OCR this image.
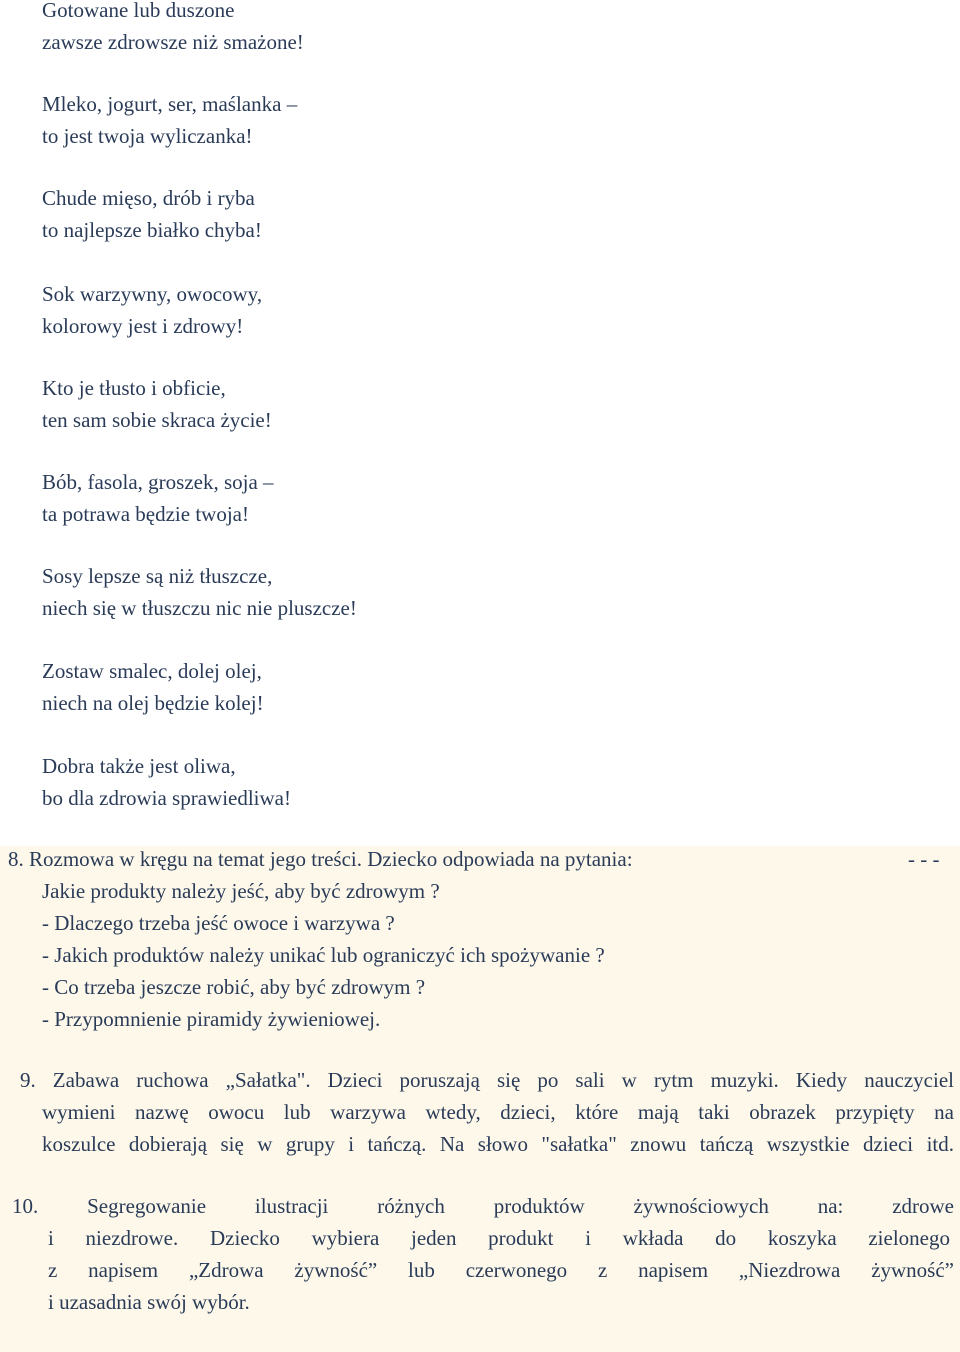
Gotowane lub duszone
zawsze zdrowsze niż smażone!
Mleko, jogurt, ser, maślanka –
to jest twoja wyliczanka!
Chude mięso, drób i ryba
to najlepsze białko chyba!
Sok warzywny, owocowy,
kolorowy jest i zdrowy!
Kto je tłusto i obficie,
ten sam sobie skraca życie!
Bób, fasola, groszek, soja –
ta potrawa będzie twoja!
Sosy lepsze są niż tłuszcze,
niech się w tłuszczu nic nie pluszcze!
Zostaw smalec, dolej olej,
niech na olej będzie kolej!
Dobra także jest oliwa,
bo dla zdrowia sprawiedliwa!
8. Rozmowa w kręgu na temat jego treści. Dziecko odpowiada na pytania:	- - -
Jakie produkty należy jeść, aby być zdrowym ?
- Dlaczego trzeba jeść owoce i warzywa ?
- Jakich produktów należy unikać lub ograniczyć ich spożywanie ?
- Co trzeba jeszcze robić, aby być zdrowym ?
- Przypomnienie piramidy żywieniowej.
9. Zabawa ruchowa „Sałatka". Dzieci poruszają się po sali w rytm muzyki. Kiedy nauczyciel
wymieni nazwę owocu lub warzywa wtedy, dzieci, które mają taki obrazek przypięty na
koszulce dobierają się w grupy i tańczą. Na słowo "sałatka" znowu tańczą wszystkie dzieci itd.
10. Segregowanie ilustracji różnych produktów żywnościowych na: zdrowe
i niezdrowe. Dziecko wybiera jeden produkt i wkłada do koszyka zielonego
z napisem „Zdrowa żywność” lub czerwonego z napisem „Niezdrowa żywność”
i uzasadnia swój wybór.
